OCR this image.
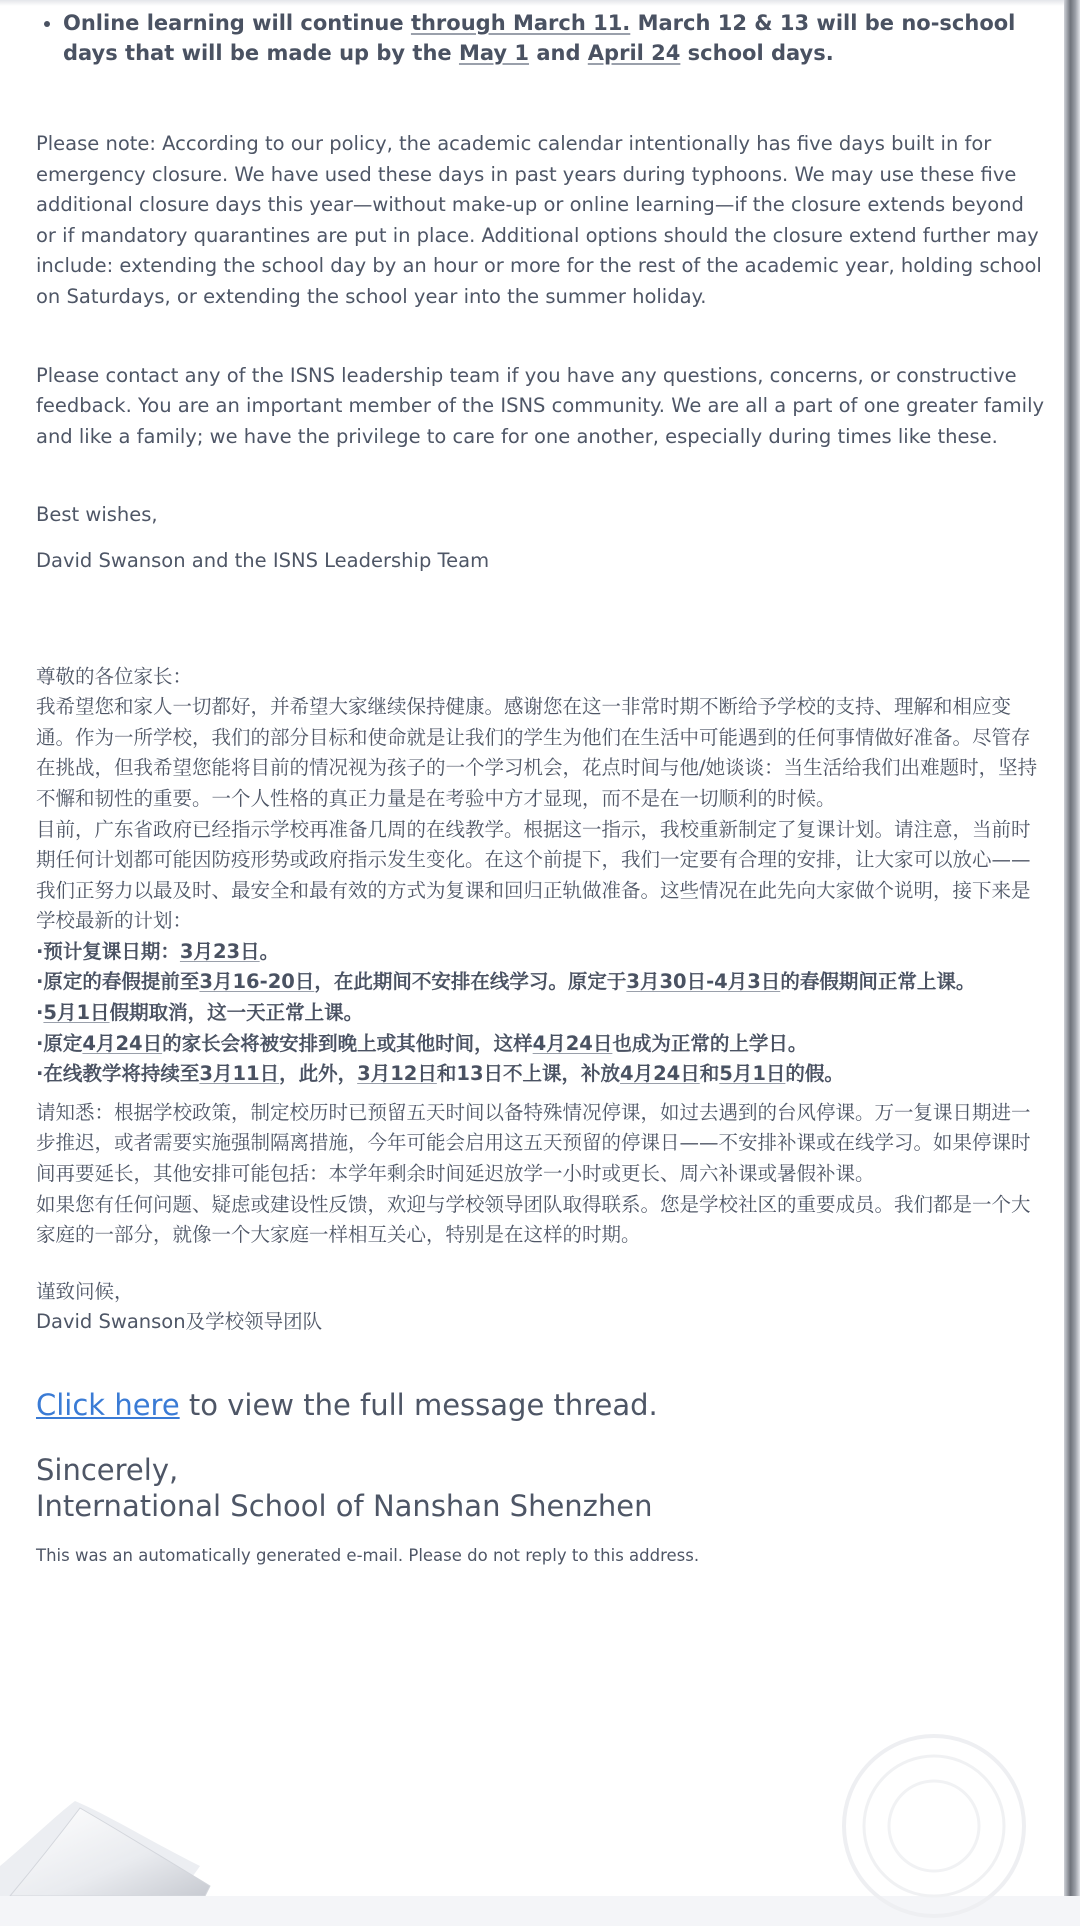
• Online learning will continue through March 11. March 12 & 13 will be no-school days that will be made up by the May 1 and April 24 school days.

Please note: According to our policy, the academic calendar intentionally has five days built in for emergency closure. We have used these days in past years during typhoons. We may use these five additional closure days this year—without make-up or online learning—if the closure extends beyond or if mandatory quarantines are put in place. Additional options should the closure extend further may include: extending the school day by an hour or more for the rest of the academic year, holding school on Saturdays, or extending the school year into the summer holiday.

Please contact any of the ISNS leadership team if you have any questions, concerns, or constructive feedback. You are an important member of the ISNS community. We are all a part of one greater family and like a family; we have the privilege to care for one another, especially during times like these.

Best wishes,

David Swanson and the ISNS Leadership Team

尊敬的各位家长：

我希望您和家人一切都好，并希望大家继续保持健康。感谢您在这一非常时期不断给予学校的支持、理解和相应变通。作为一所学校，我们的部分目标和使命就是让我们的学生为他们在生活中可能遇到的任何事情做好准备。尽管存在挑战，但我希望您能将目前的情况视为孩子的一个学习机会，花点时间与他/她谈谈：当生活给我们出难题时，坚持不懈和韧性的重要。一个人性格的真正力量是在考验中方才显现，而不是在一切顺利的时候。

目前，广东省政府已经指示学校再准备几周的在线教学。根据这一指示，我校重新制定了复课计划。请注意，当前时期任何计划都可能因防疫形势或政府指示发生变化。在这个前提下，我们一定要有合理的安排，让大家可以放心——我们正努力以最及时、最安全和最有效的方式为复课和回归正轨做准备。这些情况在此先向大家做个说明，接下来是学校最新的计划：

·预计复课日期：3月23日。

·原定的春假提前至3月16-20日，在此期间不安排在线学习。原定于3月30日-4月3日的春假期间正常上课。

·5月1日假期取消，这一天正常上课。

·原定4月24日的家长会将被安排到晚上或其他时间，这样4月24日也成为正常的上学日。

·在线教学将持续至3月11日，此外，3月12日和13日不上课，补放4月24日和5月1日的假。

请知悉：根据学校政策，制定校历时已预留五天时间以备特殊情况停课，如过去遇到的台风停课。万一复课日期进一步推迟，或者需要实施强制隔离措施，今年可能会启用这五天预留的停课日——不安排补课或在线学习。如果停课时间再要延长，其他安排可能包括：本学年剩余时间延迟放学一小时或更长、周六补课或暑假补课。

如果您有任何问题、疑虑或建设性反馈，欢迎与学校领导团队取得联系。您是学校社区的重要成员。我们都是一个大家庭的一部分，就像一个大家庭一样相互关心，特别是在这样的时期。

谨致问候，

David Swanson及学校领导团队

Click here to view the full message thread.

Sincerely,

International School of Nanshan Shenzhen

This was an automatically generated e-mail. Please do not reply to this address.
